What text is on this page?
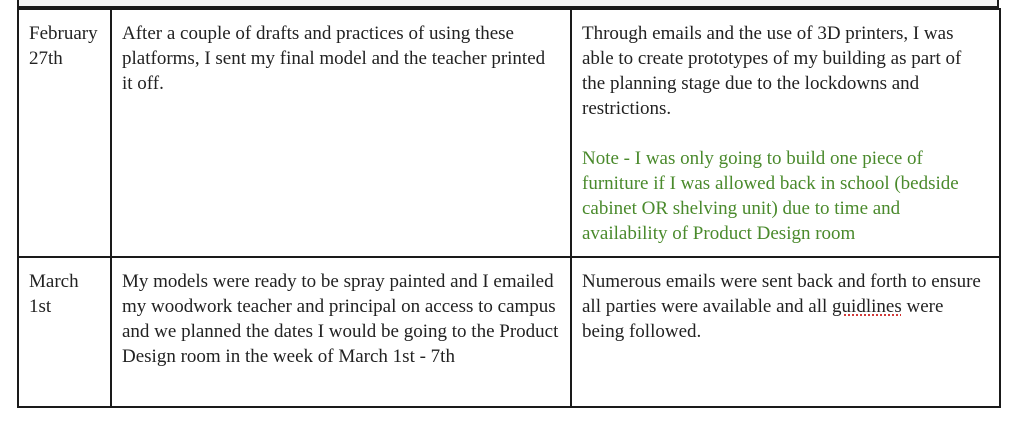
February 27th	After a couple of drafts and practices of using these platforms, I sent my final model and the teacher printed it off.	Through emails and the use of 3D printers, I was able to create prototypes of my building as part of the planning stage due to the lockdowns and restrictions.
Note - I was only going to build one piece of furniture if I was allowed back in school (bedside cabinet OR shelving unit) due to time and availability of Product Design room

March 1st	My models were ready to be spray painted and I emailed my woodwork teacher and principal on access to campus and we planned the dates I would be going to the Product Design room in the week of March 1st - 7th	Numerous emails were sent back and forth to ensure all parties were available and all guidlines were being followed.
